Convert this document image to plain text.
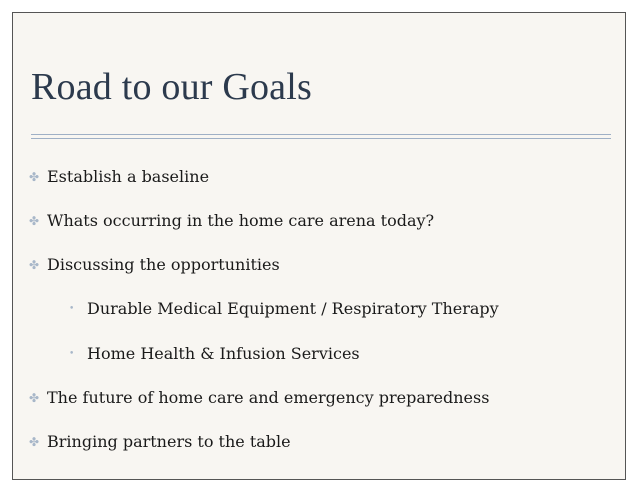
Road to our Goals
✤ Establish a baseline
✤ Whats occurring in the home care arena today?
✤ Discussing the opportunities
• Durable Medical Equipment / Respiratory Therapy
• Home Health & Infusion Services
✤ The future of home care and emergency preparedness
✤ Bringing partners to the table
